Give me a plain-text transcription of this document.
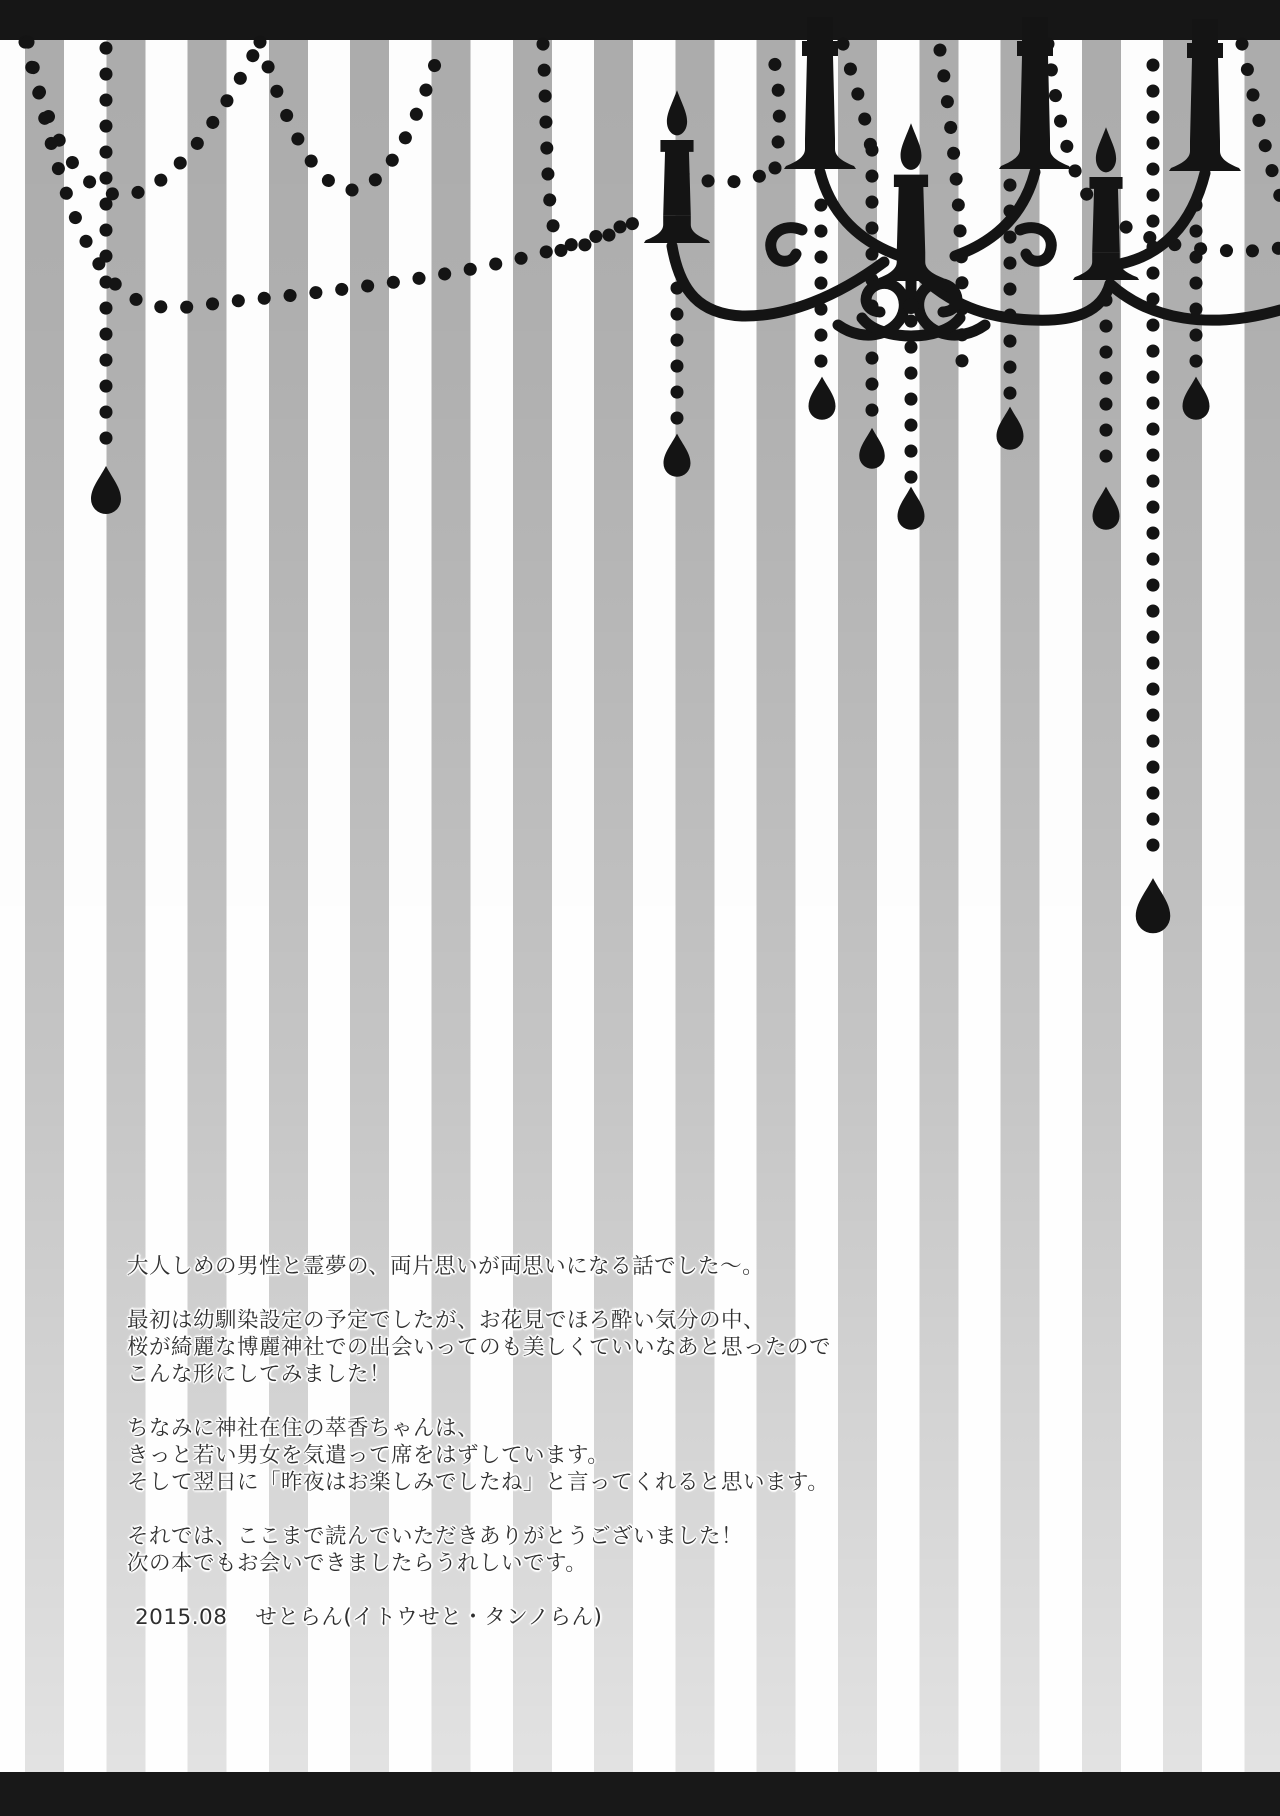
大人しめの男性と霊夢の、両片思いが両思いになる話でした～。

最初は幼馴染設定の予定でしたが、お花見でほろ酔い気分の中、
桜が綺麗な博麗神社での出会いってのも美しくていいなあと思ったので
こんな形にしてみました！

ちなみに神社在住の萃香ちゃんは、
きっと若い男女を気遣って席をはずしています。
そして翌日に「昨夜はお楽しみでしたね」と言ってくれると思います。

それでは、ここまで読んでいただきありがとうございました！
次の本でもお会いできましたらうれしいです。

2015.08 せとらん(イトウせと・タンノらん)
